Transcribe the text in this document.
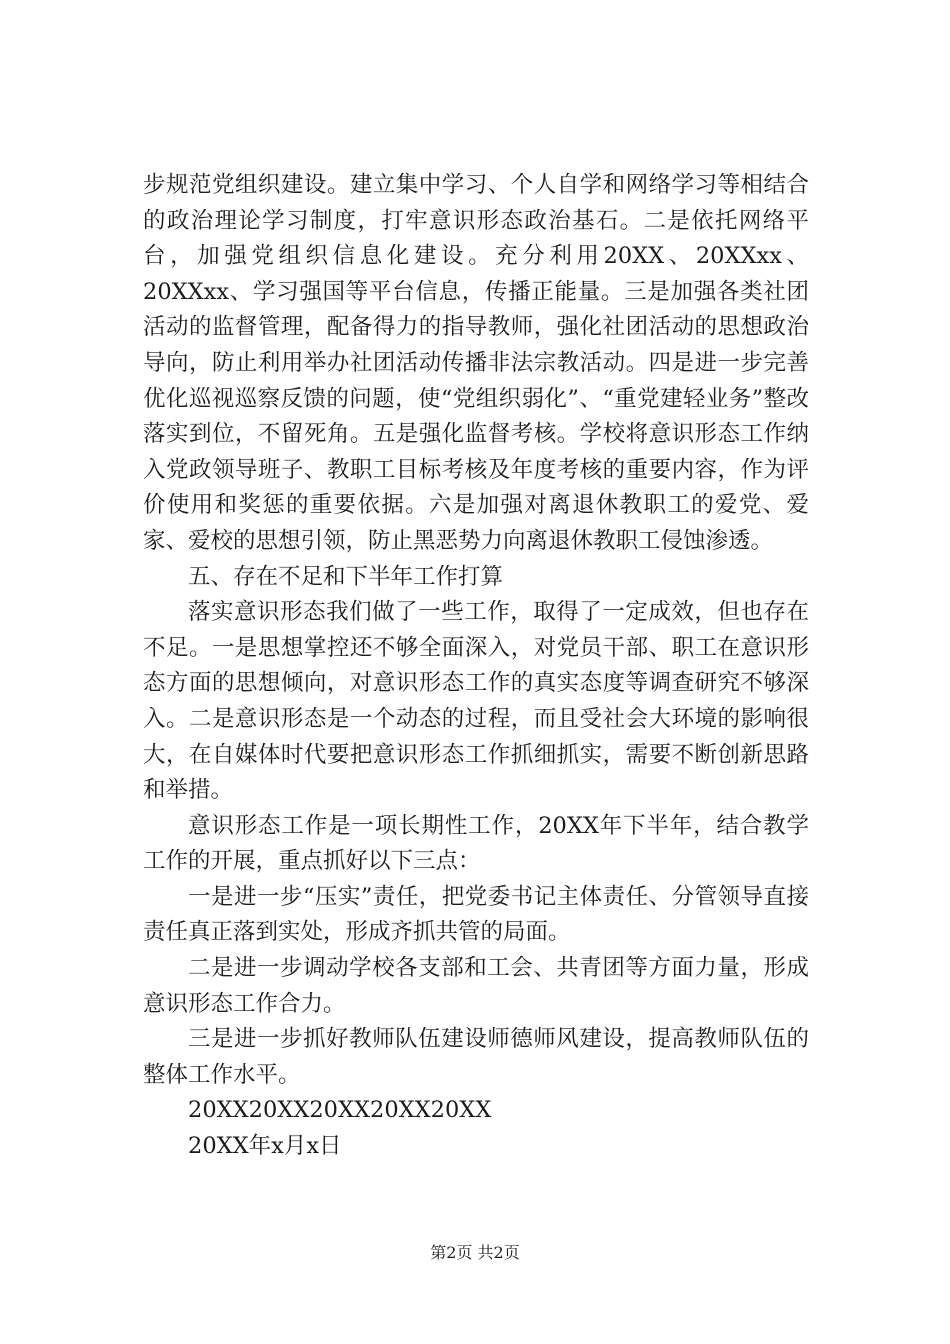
步规范党组织建设。建立集中学习、个人自学和网络学习等相结合的政治理论学习制度，打牢意识形态政治基石。二是依托网络平台，加强党组织信息化建设。充分利用20XX、20XXxx、20XXxx、学习强国等平台信息，传播正能量。三是加强各类社团活动的监督管理，配备得力的指导教师，强化社团活动的思想政治导向，防止利用举办社团活动传播非法宗教活动。四是进一步完善优化巡视巡察反馈的问题，使“党组织弱化”、“重党建轻业务”整改落实到位，不留死角。五是强化监督考核。学校将意识形态工作纳入党政领导班子、教职工目标考核及年度考核的重要内容，作为评价使用和奖惩的重要依据。六是加强对离退休教职工的爱党、爱家、爱校的思想引领，防止黑恶势力向离退休教职工侵蚀渗透。

五、存在不足和下半年工作打算

落实意识形态我们做了一些工作，取得了一定成效，但也存在不足。一是思想掌控还不够全面深入，对党员干部、职工在意识形态方面的思想倾向，对意识形态工作的真实态度等调查研究不够深入。二是意识形态是一个动态的过程，而且受社会大环境的影响很大，在自媒体时代要把意识形态工作抓细抓实，需要不断创新思路和举措。

意识形态工作是一项长期性工作，20XX年下半年，结合教学工作的开展，重点抓好以下三点：

一是进一步“压实”责任，把党委书记主体责任、分管领导直接责任真正落到实处，形成齐抓共管的局面。

二是进一步调动学校各支部和工会、共青团等方面力量，形成意识形态工作合力。

三是进一步抓好教师队伍建设师德师风建设，提高教师队伍的整体工作水平。

20XX20XX20XX20XX20XX

20XX年x月x日

第2页 共2页
